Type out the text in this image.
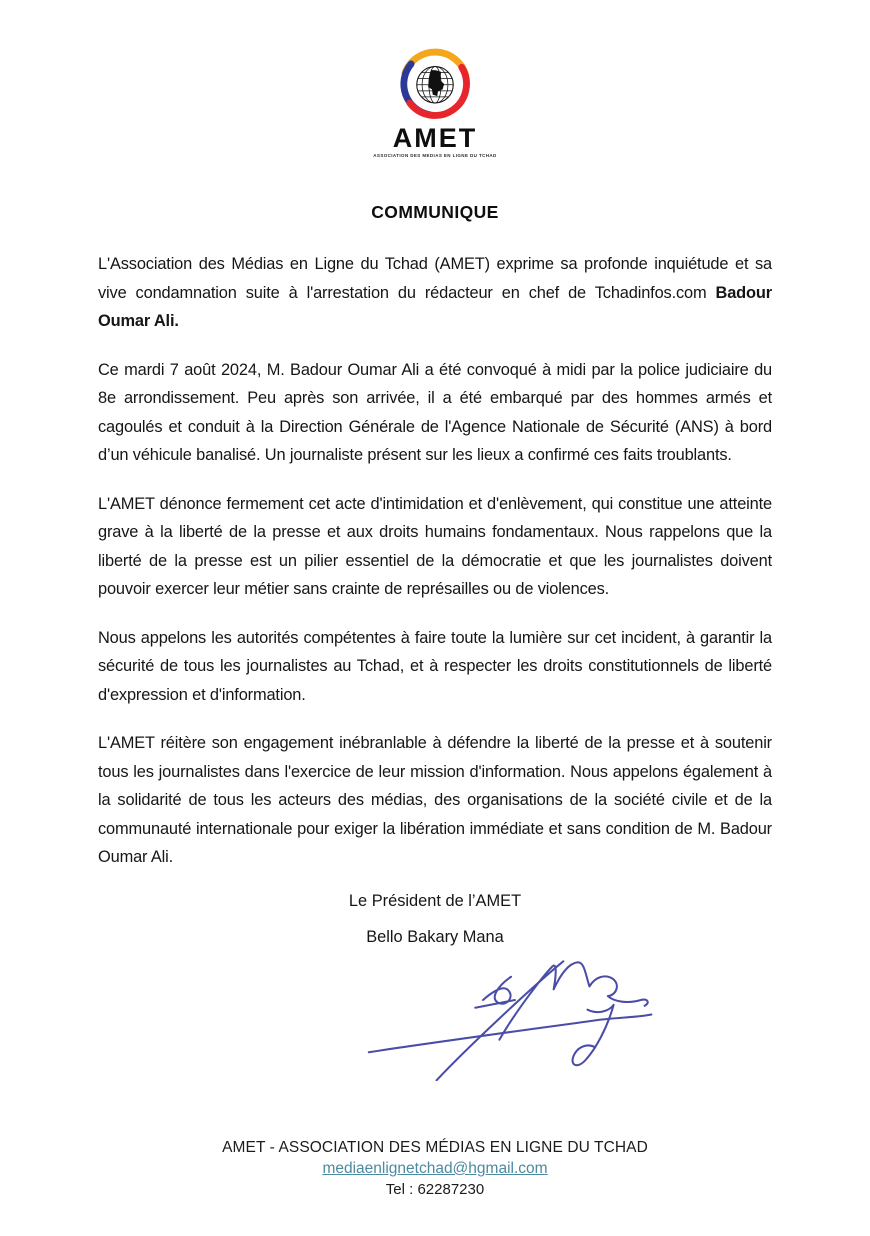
AMET
ASSOCIATION DES MEDIAS EN LIGNE DU TCHAD
COMMUNIQUE

L'Association des Médias en Ligne du Tchad (AMET) exprime sa profonde inquiétude et sa vive condamnation suite à l'arrestation du rédacteur en chef de Tchadinfos.com Badour Oumar Ali.

Ce mardi 7 août 2024, M. Badour Oumar Ali a été convoqué à midi par la police judiciaire du 8e arrondissement. Peu après son arrivée, il a été embarqué par des hommes armés et cagoulés et conduit à la Direction Générale de l'Agence Nationale de Sécurité (ANS) à bord d’un véhicule banalisé. Un journaliste présent sur les lieux a confirmé ces faits troublants.

L'AMET dénonce fermement cet acte d'intimidation et d'enlèvement, qui constitue une atteinte grave à la liberté de la presse et aux droits humains fondamentaux. Nous rappelons que la liberté de la presse est un pilier essentiel de la démocratie et que les journalistes doivent pouvoir exercer leur métier sans crainte de représailles ou de violences.

Nous appelons les autorités compétentes à faire toute la lumière sur cet incident, à garantir la sécurité de tous les journalistes au Tchad, et à respecter les droits constitutionnels de liberté d'expression et d'information.

L'AMET réitère son engagement inébranlable à défendre la liberté de la presse et à soutenir tous les journalistes dans l'exercice de leur mission d'information. Nous appelons également à la solidarité de tous les acteurs des médias, des organisations de la société civile et de la communauté internationale pour exiger la libération immédiate et sans condition de M. Badour Oumar Ali.

Le Président de l’AMET
Bello Bakary Mana
AMET - ASSOCIATION DES MÉDIAS EN LIGNE DU TCHAD
mediaenlignetchad@hgmail.com
Tel : 62287230
